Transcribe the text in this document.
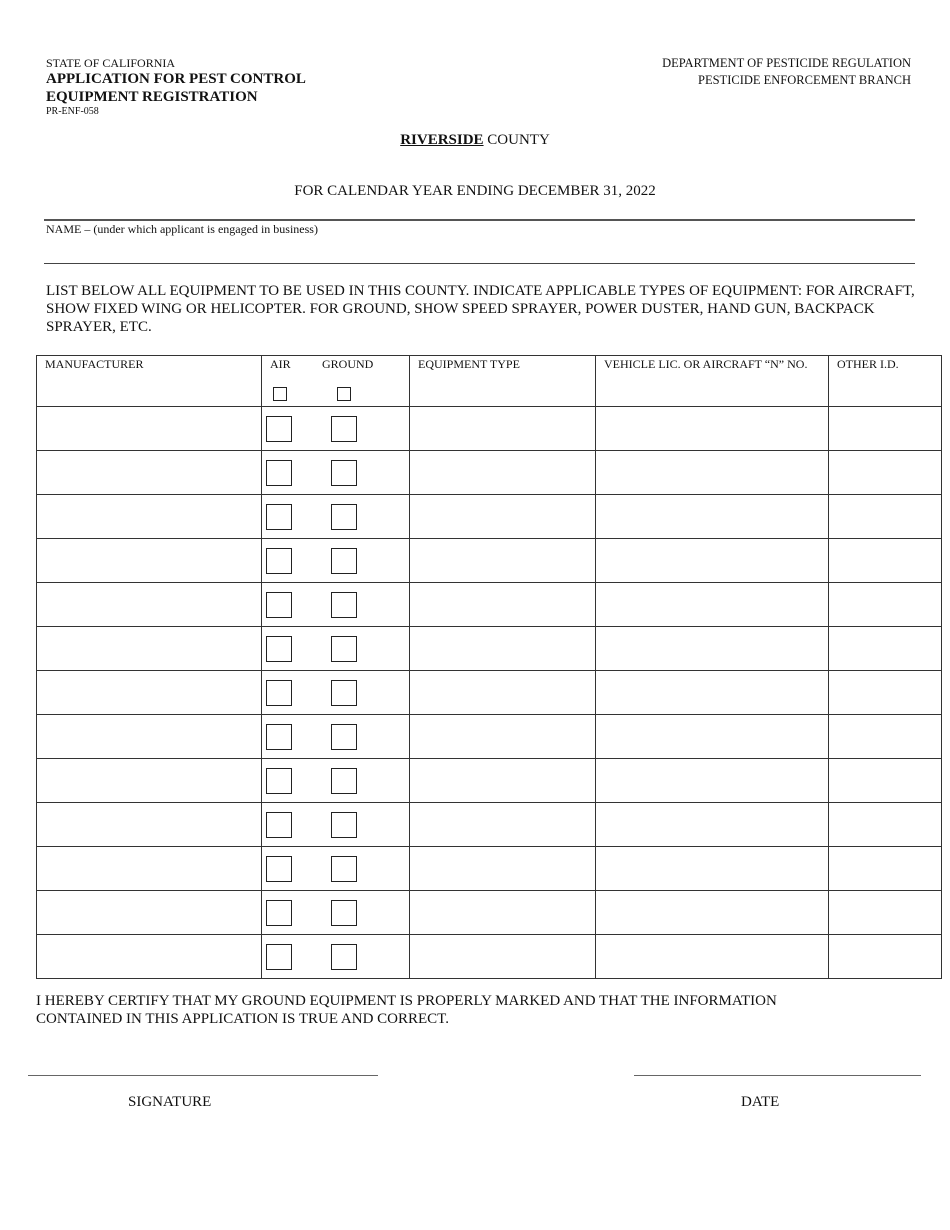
STATE OF CALIFORNIA
APPLICATION FOR PEST CONTROL
EQUIPMENT REGISTRATION
PR-ENF-058
DEPARTMENT OF PESTICIDE REGULATION
PESTICIDE ENFORCEMENT BRANCH
RIVERSIDE COUNTY
FOR CALENDAR YEAR ENDING DECEMBER 31, 2022
NAME – (under which applicant is engaged in business)
LIST BELOW ALL EQUIPMENT TO BE USED IN THIS COUNTY. INDICATE APPLICABLE TYPES OF EQUIPMENT: FOR AIRCRAFT, SHOW FIXED WING OR HELICOPTER. FOR GROUND, SHOW SPEED SPRAYER, POWER DUSTER, HAND GUN, BACKPACK SPRAYER, ETC.
MANUFACTURER	AIR GROUND	EQUIPMENT TYPE	VEHICLE LIC. OR AIRCRAFT “N” NO.	OTHER I.D.

I HEREBY CERTIFY THAT MY GROUND EQUIPMENT IS PROPERLY MARKED AND THAT THE INFORMATION CONTAINED IN THIS APPLICATION IS TRUE AND CORRECT.
SIGNATURE	DATE
